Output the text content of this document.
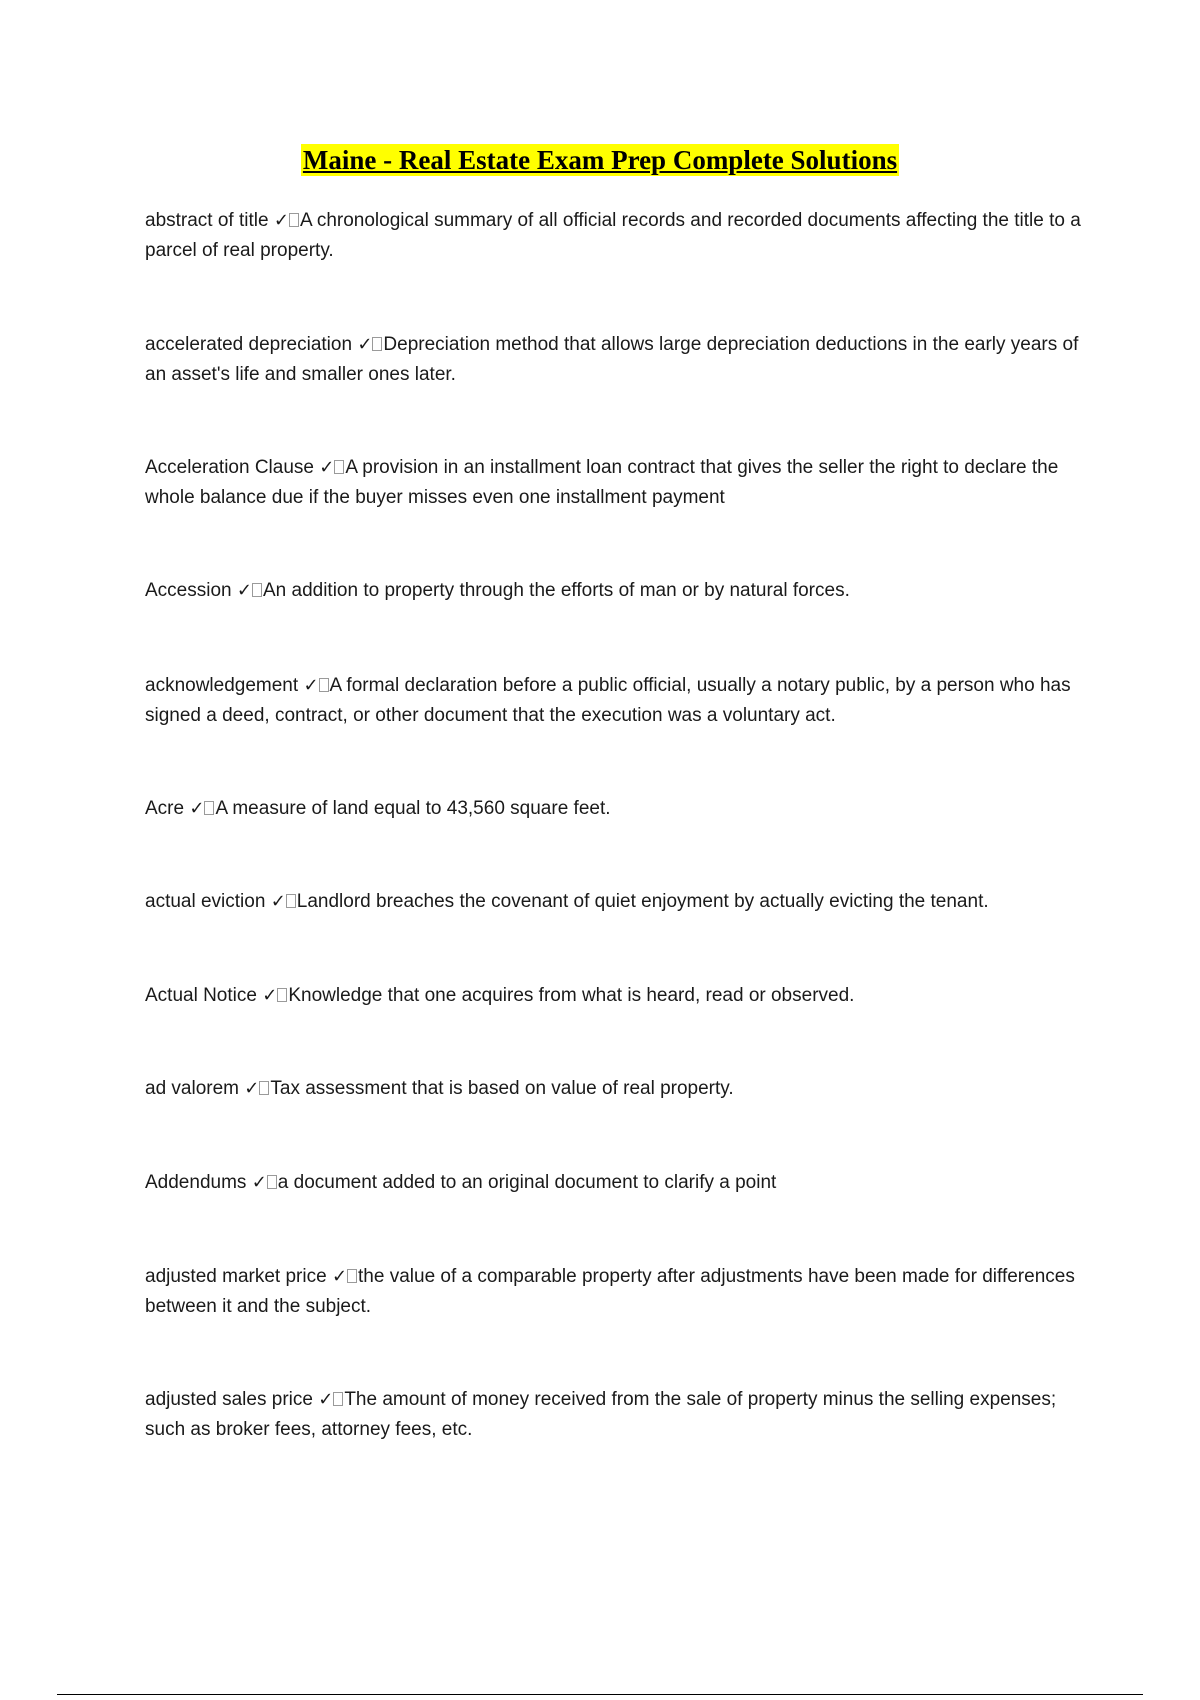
Maine - Real Estate Exam Prep Complete Solutions
abstract of title ✓ A chronological summary of all official records and recorded documents affecting the title to a parcel of real property.
accelerated depreciation ✓ Depreciation method that allows large depreciation deductions in the early years of an asset's life and smaller ones later.
Acceleration Clause ✓ A provision in an installment loan contract that gives the seller the right to declare the whole balance due if the buyer misses even one installment payment
Accession ✓ An addition to property through the efforts of man or by natural forces.
acknowledgement ✓ A formal declaration before a public official, usually a notary public, by a person who has signed a deed, contract, or other document that the execution was a voluntary act.
Acre ✓ A measure of land equal to 43,560 square feet.
actual eviction ✓ Landlord breaches the covenant of quiet enjoyment by actually evicting the tenant.
Actual Notice ✓ Knowledge that one acquires from what is heard, read or observed.
ad valorem ✓ Tax assessment that is based on value of real property.
Addendums ✓ a document added to an original document to clarify a point
adjusted market price ✓ the value of a comparable property after adjustments have been made for differences between it and the subject.
adjusted sales price ✓ The amount of money received from the sale of property minus the selling expenses; such as broker fees, attorney fees, etc.
